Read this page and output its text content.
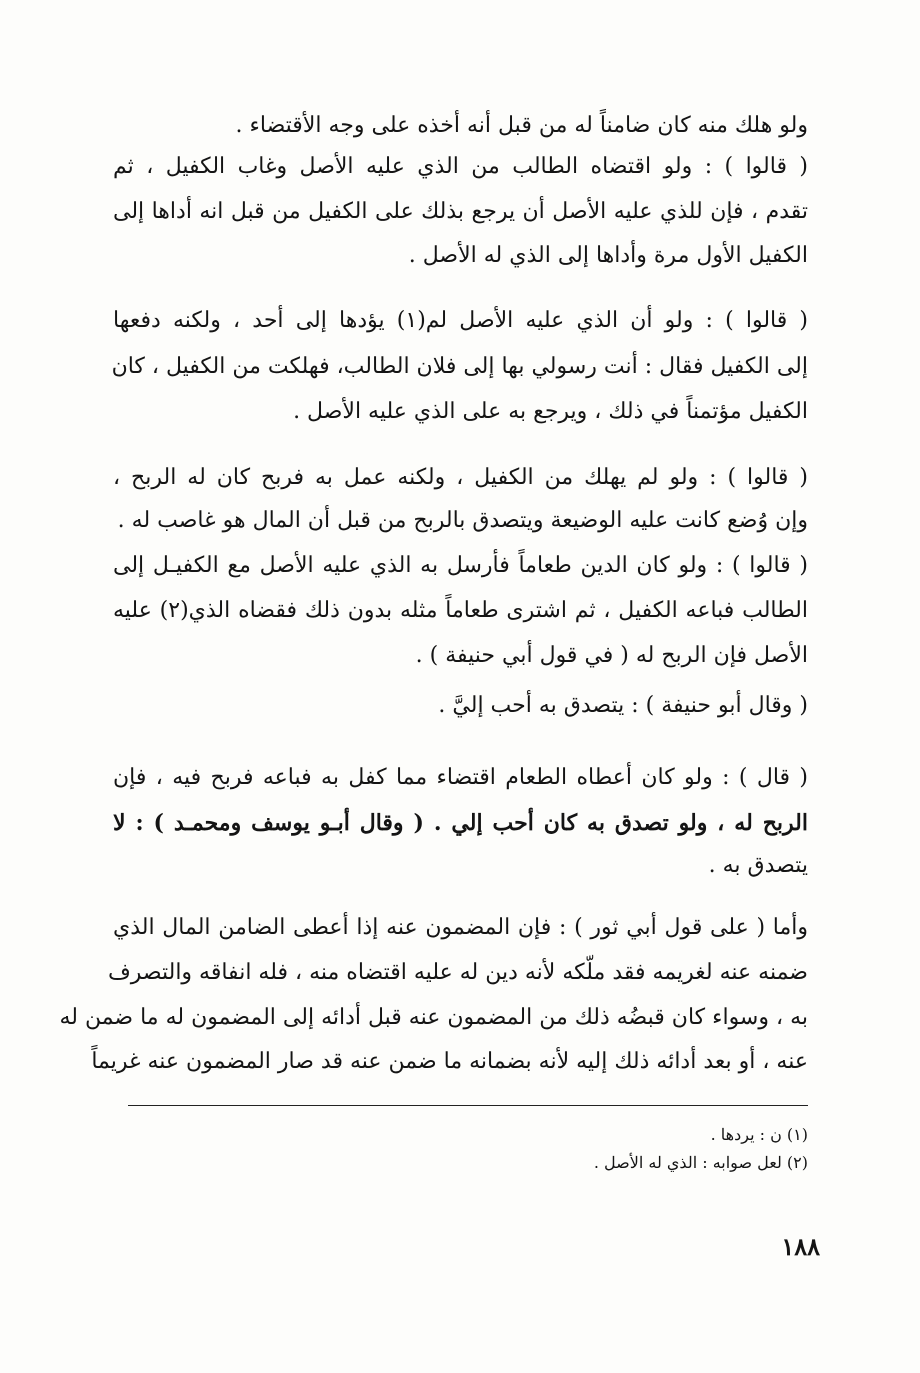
ولو هلك منه كان ضامناً له من قبل أنه أخذه على وجه الأقتضاء .
( قالوا ) : ولو اقتضاه الطالب من الذي عليه الأصل وغاب الكفيل ، ثم
تقدم ، فإن للذي عليه الأصل أن يرجع بذلك على الكفيل من قبل انه أداها إلى
الكفيل الأول مرة وأداها إلى الذي له الأصل .
( قالوا ) : ولو أن الذي عليه الأصل لم(١) يؤدها إلى أحد ، ولكنه دفعها
إلى الكفيل فقال : أنت رسولي بها إلى فلان الطالب، فهلكت من الكفيل ، كان
الكفيل مؤتمناً في ذلك ، ويرجع به على الذي عليه الأصل .
( قالوا ) : ولو لم يهلك من الكفيل ، ولكنه عمل به فربح كان له الربح ،
وإن وُضع كانت عليه الوضيعة ويتصدق بالربح من قبل أن المال هو غاصب له .
( قالوا ) : ولو كان الدين طعاماً فأرسل به الذي عليه الأصل مع الكفيـل إلى
الطالب فباعه الكفيل ، ثم اشترى طعاماً مثله بدون ذلك فقضاه الذي(٢) عليه
الأصل فإن الربح له ( في قول أبي حنيفة ) .
( وقال أبو حنيفة ) : يتصدق به أحب إليَّ .
( قال ) : ولو كان أعطاه الطعام اقتضاء مما كفل به فباعه فربح فيه ، فإن
الربح له ، ولو تصدق به كان أحب إلي . ( وقال أبـو يوسف ومحمـد ) : لا
يتصدق به .
وأما ( على قول أبي ثور ) : فإن المضمون عنه إذا أعطى الضامن المال الذي
ضمنه عنه لغريمه فقد ملّكه لأنه دين له عليه اقتضاه منه ، فله انفاقه والتصرف
به ، وسواء كان قبضُه ذلك من المضمون عنه قبل أدائه إلى المضمون له ما ضمن له
عنه ، أو بعد أدائه ذلك إليه لأنه بضمانه ما ضمن عنه قد صار المضمون عنه غريماً
(١) ن : يردها .
(٢) لعل صوابه : الذي له الأصل .
١٨٨
